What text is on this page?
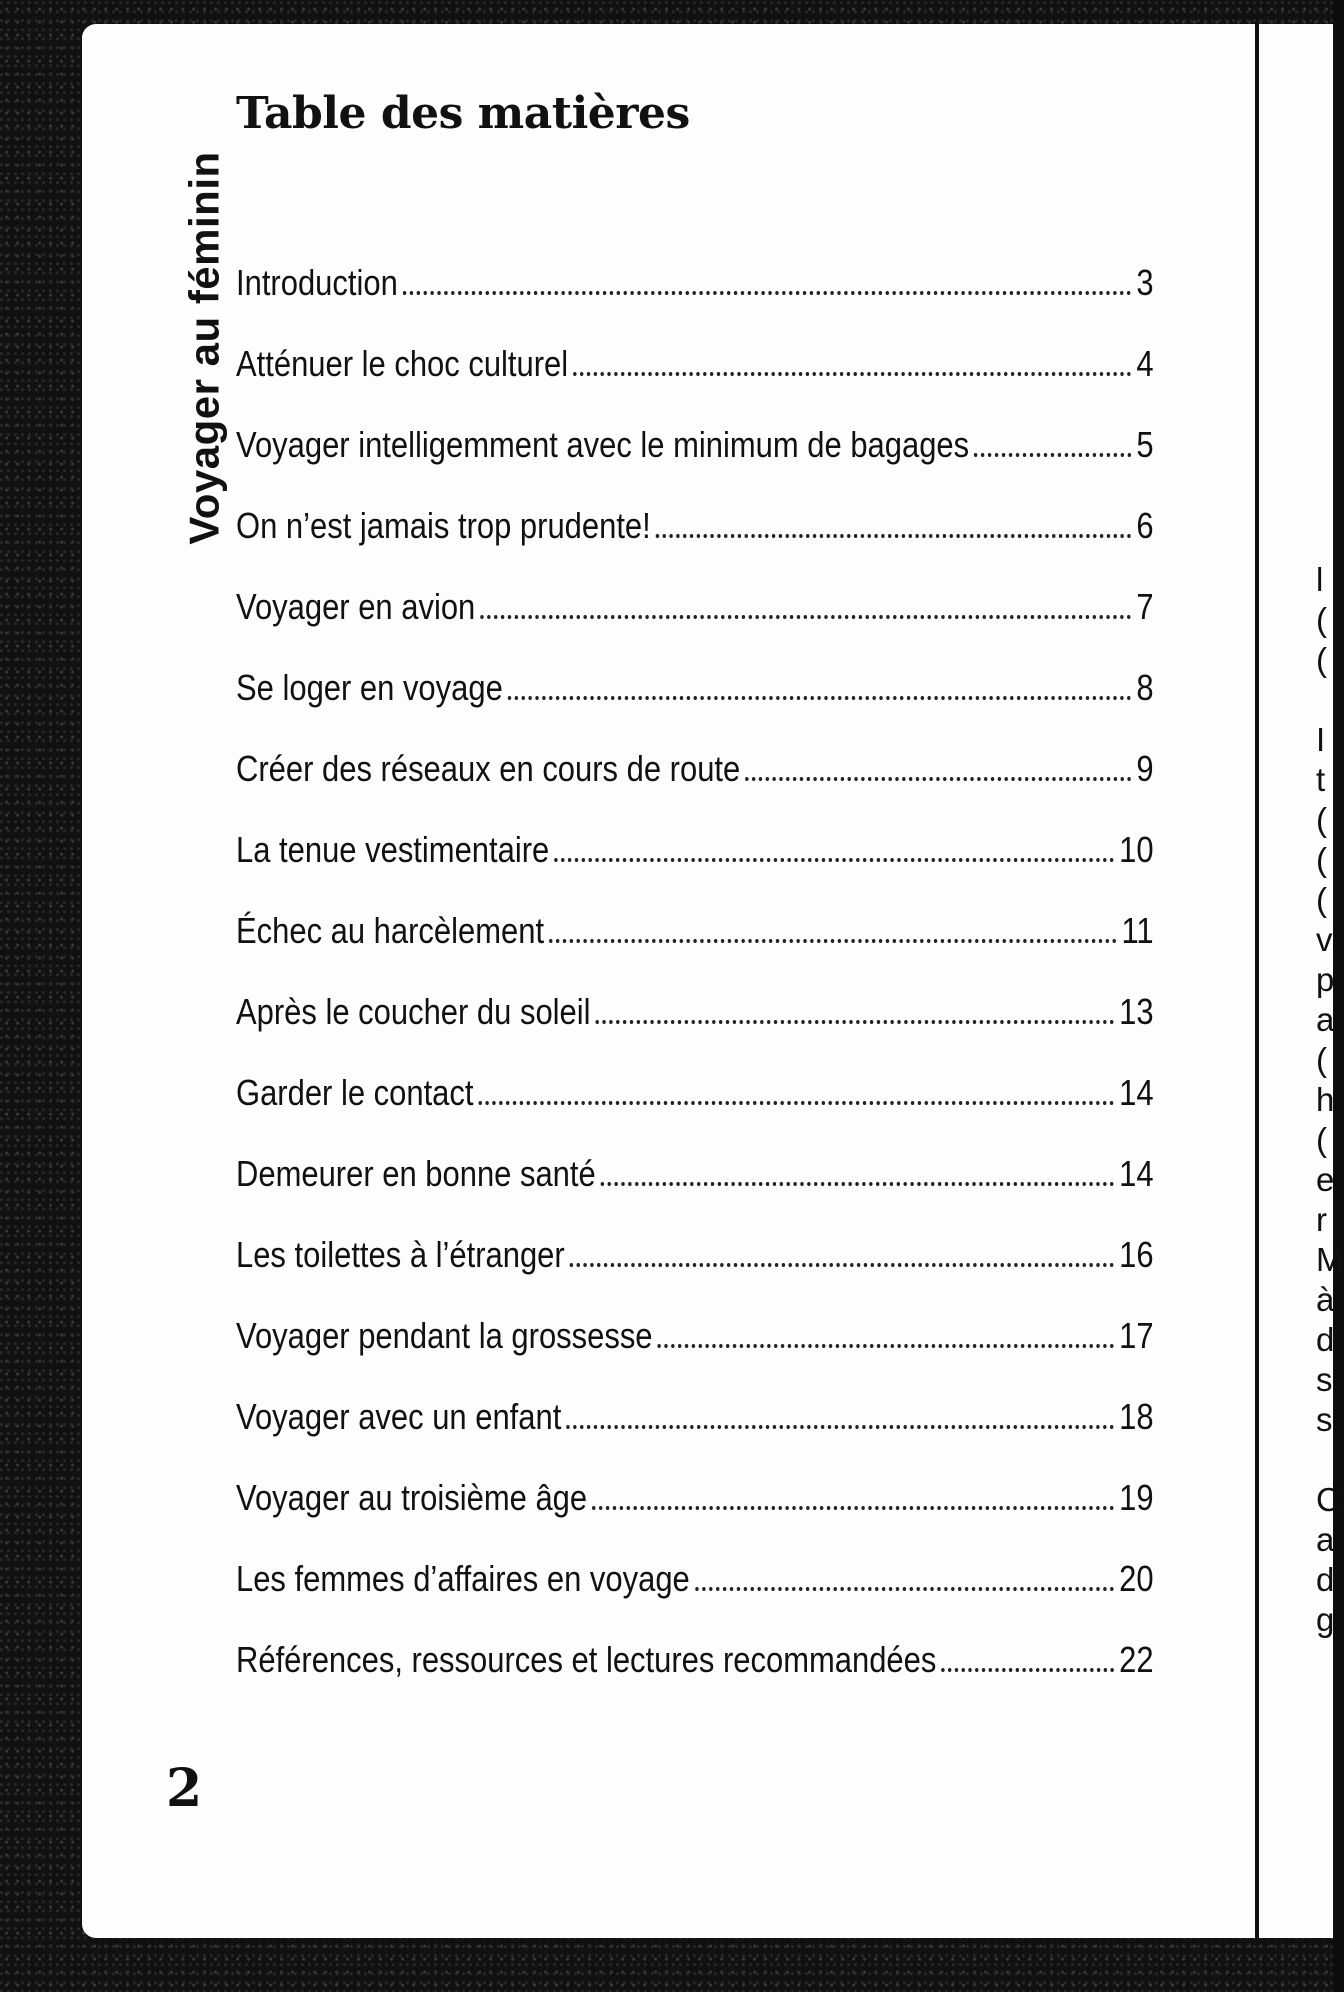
Voyager au féminin
Table des matières
Introduction	3
Atténuer le choc culturel	4
Voyager intelligemment avec le minimum de bagages	5
On n’est jamais trop prudente!	6
Voyager en avion	7
Se loger en voyage	8
Créer des réseaux en cours de route	9
La tenue vestimentaire	10
Échec au harcèlement	11
Après le coucher du soleil	13
Garder le contact	14
Demeurer en bonne santé	14
Les toilettes à l’étranger	16
Voyager pendant la grossesse	17
Voyager avec un enfant	18
Voyager au troisième âge	19
Les femmes d’affaires en voyage	20
Références, ressources et lectures recommandées	22
2
l
(
(
I
t
(
(
(
v
p
a
(
h
(
e
r
M
à
d
s
s
C
a
d
g
